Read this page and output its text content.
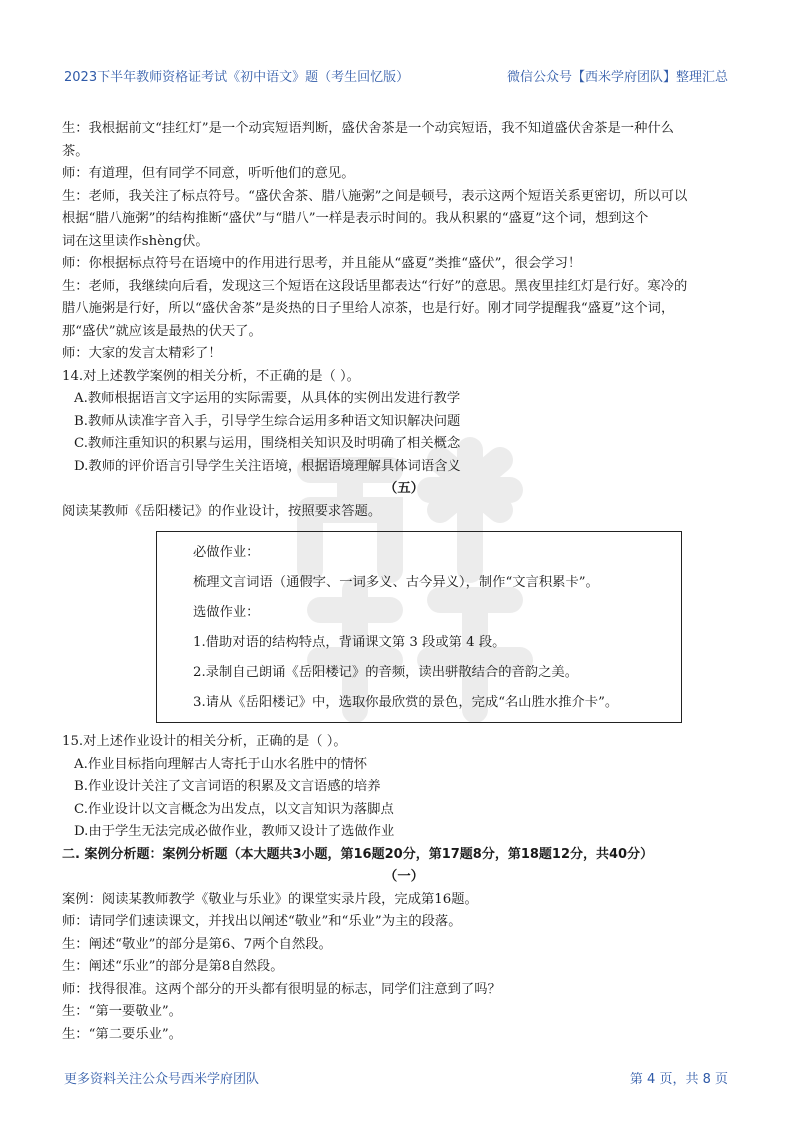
2023下半年教师资格证考试《初中语文》题（考生回忆版）	微信公众号【西米学府团队】整理汇总

生：我根据前文“挂红灯”是一个动宾短语判断，盛伏舍茶是一个动宾短语，我不知道盛伏舍茶是一种什么

茶。

师：有道理，但有同学不同意，听听他们的意见。

生：老师，我关注了标点符号。“盛伏舍茶、腊八施粥”之间是顿号，表示这两个短语关系更密切，所以可以

根据“腊八施粥”的结构推断“盛伏”与“腊八”一样是表示时间的。我从积累的“盛夏”这个词，想到这个

词在这里读作shèng伏。

师：你根据标点符号在语境中的作用进行思考，并且能从“盛夏”类推“盛伏”，很会学习！

生：老师，我继续向后看，发现这三个短语在这段话里都表达“行好”的意思。黑夜里挂红灯是行好。寒冷的

腊八施粥是行好，所以“盛伏舍茶”是炎热的日子里给人凉茶，也是行好。刚才同学提醒我“盛夏”这个词，

那“盛伏”就应该是最热的伏天了。

师：大家的发言太精彩了！

14.对上述教学案例的相关分析，不正确的是（ ）。

A.教师根据语言文字运用的实际需要，从具体的实例出发进行教学

B.教师从读准字音入手，引导学生综合运用多种语文知识解决问题

C.教师注重知识的积累与运用，围绕相关知识及时明确了相关概念

D.教师的评价语言引导学生关注语境，根据语境理解具体词语含义

（五）

阅读某教师《岳阳楼记》的作业设计，按照要求答题。

必做作业：
梳理文言词语（通假字、一词多义、古今异义），制作“文言积累卡”。
选做作业：
1.借助对语的结构特点，背诵课文第 3 段或第 4 段。
2.录制自己朗诵《岳阳楼记》的音频，读出骈散结合的音韵之美。
3.请从《岳阳楼记》中，选取你最欣赏的景色，完成“名山胜水推介卡”。

15.对上述作业设计的相关分析，正确的是（ ）。

A.作业目标指向理解古人寄托于山水名胜中的情怀

B.作业设计关注了文言词语的积累及文言语感的培养

C.作业设计以文言概念为出发点，以文言知识为落脚点

D.由于学生无法完成必做作业，教师又设计了选做作业

二. 案例分析题：案例分析题（本大题共3小题，第16题20分，第17题8分，第18题12分，共40分）

（一）

案例：阅读某教师教学《敬业与乐业》的课堂实录片段，完成第16题。

师：请同学们速读课文，并找出以阐述“敬业”和“乐业”为主的段落。

生：阐述“敬业”的部分是第6、7两个自然段。

生：阐述“乐业”的部分是第8自然段。

师：找得很准。这两个部分的开头都有很明显的标志，同学们注意到了吗？

生：“第一要敬业”。

生：“第二要乐业”。

更多资料关注公众号西米学府团队	第 4 页，共 8 页
